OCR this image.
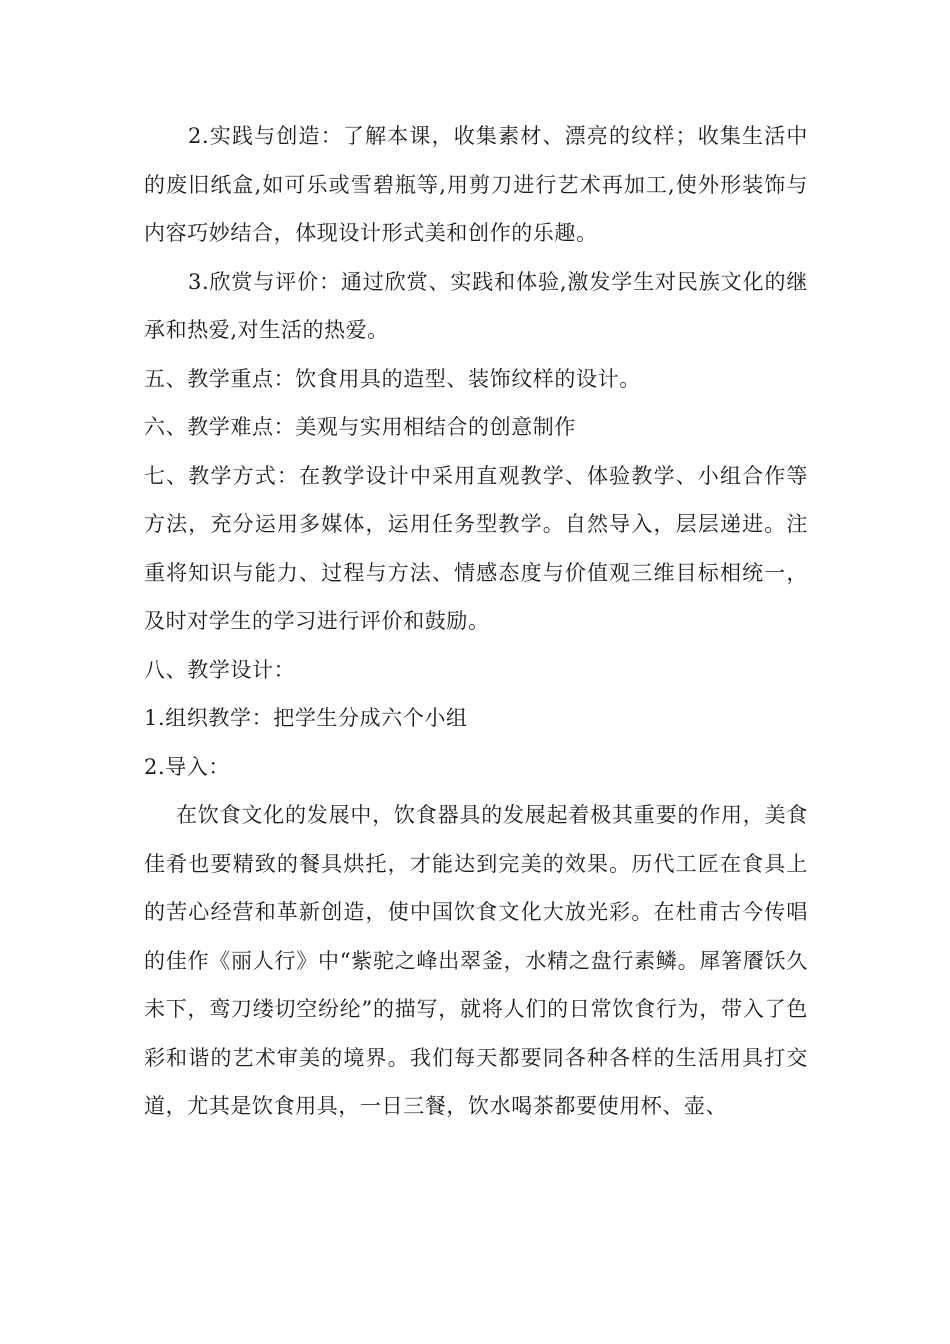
2.实践与创造：了解本课，收集素材、漂亮的纹样；收集生活中的废旧纸盒,如可乐或雪碧瓶等,用剪刀进行艺术再加工,使外形装饰与内容巧妙结合，体现设计形式美和创作的乐趣。

3.欣赏与评价：通过欣赏、实践和体验,激发学生对民族文化的继承和热爱,对生活的热爱。

五、教学重点：饮食用具的造型、装饰纹样的设计。

六、教学难点：美观与实用相结合的创意制作

七、教学方式：在教学设计中采用直观教学、体验教学、小组合作等方法，充分运用多媒体，运用任务型教学。自然导入，层层递进。注重将知识与能力、过程与方法、情感态度与价值观三维目标相统一，及时对学生的学习进行评价和鼓励。

八、教学设计：

1.组织教学：把学生分成六个小组

2.导入：

在饮食文化的发展中，饮食器具的发展起着极其重要的作用，美食佳肴也要精致的餐具烘托，才能达到完美的效果。历代工匠在食具上的苦心经营和革新创造，使中国饮食文化大放光彩。在杜甫古今传唱的佳作《丽人行》中“紫驼之峰出翠釜，水精之盘行素鳞。犀箸餍饫久未下，鸾刀缕切空纷纶”的描写，就将人们的日常饮食行为，带入了色彩和谐的艺术审美的境界。我们每天都要同各种各样的生活用具打交道，尤其是饮食用具，一日三餐，饮水喝茶都要使用杯、壶、
